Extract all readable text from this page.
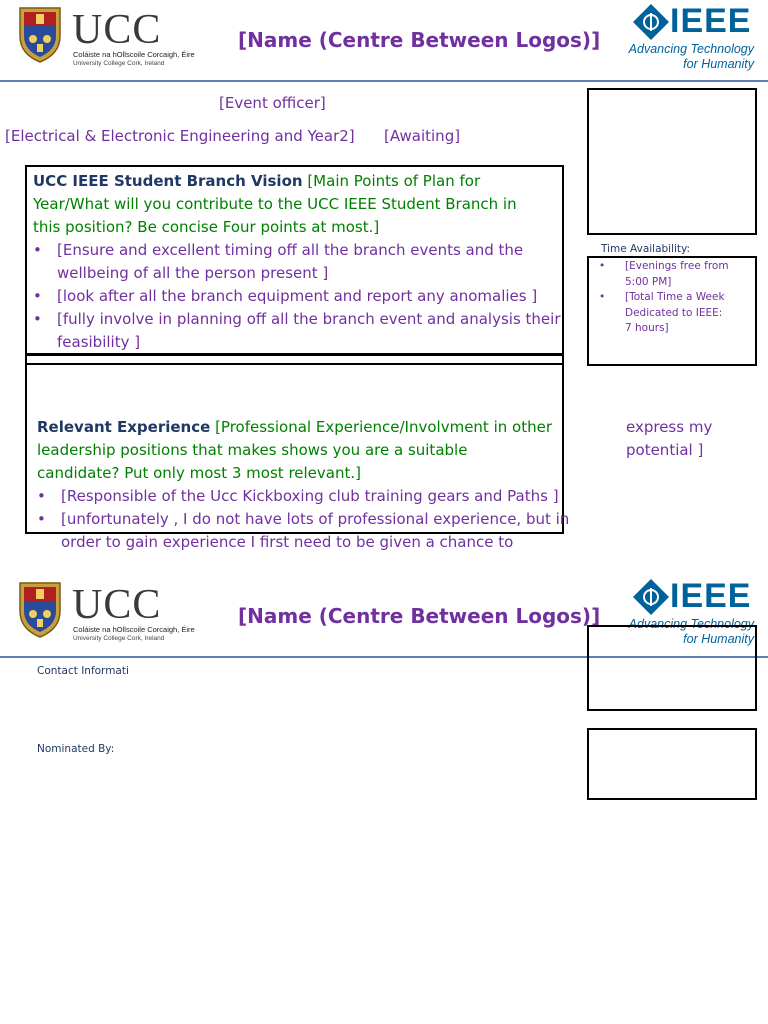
UCC
Coláiste na hOllscoile Corcaigh, Éire
University College Cork, Ireland
[Name (Centre Between Logos)] IEEE
Advancing Technology
for Humanity
[Event officer]
[Electrical & Electronic Engineering and Year2] [Awaiting]
UCC IEEE Student Branch Vision [Main Points of Plan for
Year/What will you contribute to the UCC IEEE Student Branch in
this position? Be concise Four points at most.]
• [Ensure and excellent timing off all the branch events and the
wellbeing of all the person present ]
• [look after all the branch equipment and report any anomalies ]
• [fully involve in planning off all the branch event and analysis their
feasibility ]
Time Availability:
• [Evenings free from
5:00 PM]
• [Total Time a Week
Dedicated to IEEE:
7 hours]
Relevant Experience [Professional Experience/Involvment in other
leadership positions that makes shows you are a suitable
candidate? Put only most 3 most relevant.]
• [Responsible of the Ucc Kickboxing club training gears and Paths ]
• [unfortunately , I do not have lots of professional experience, but in
order to gain experience I first need to be given a chance to
express my
potential ]
UCC
Coláiste na hOllscoile Corcaigh, Éire
University College Cork, Ireland
[Name (Centre Between Logos)]
IEEE
Advancing Technology
for Humanity
Contact Informati
Nominated By:
